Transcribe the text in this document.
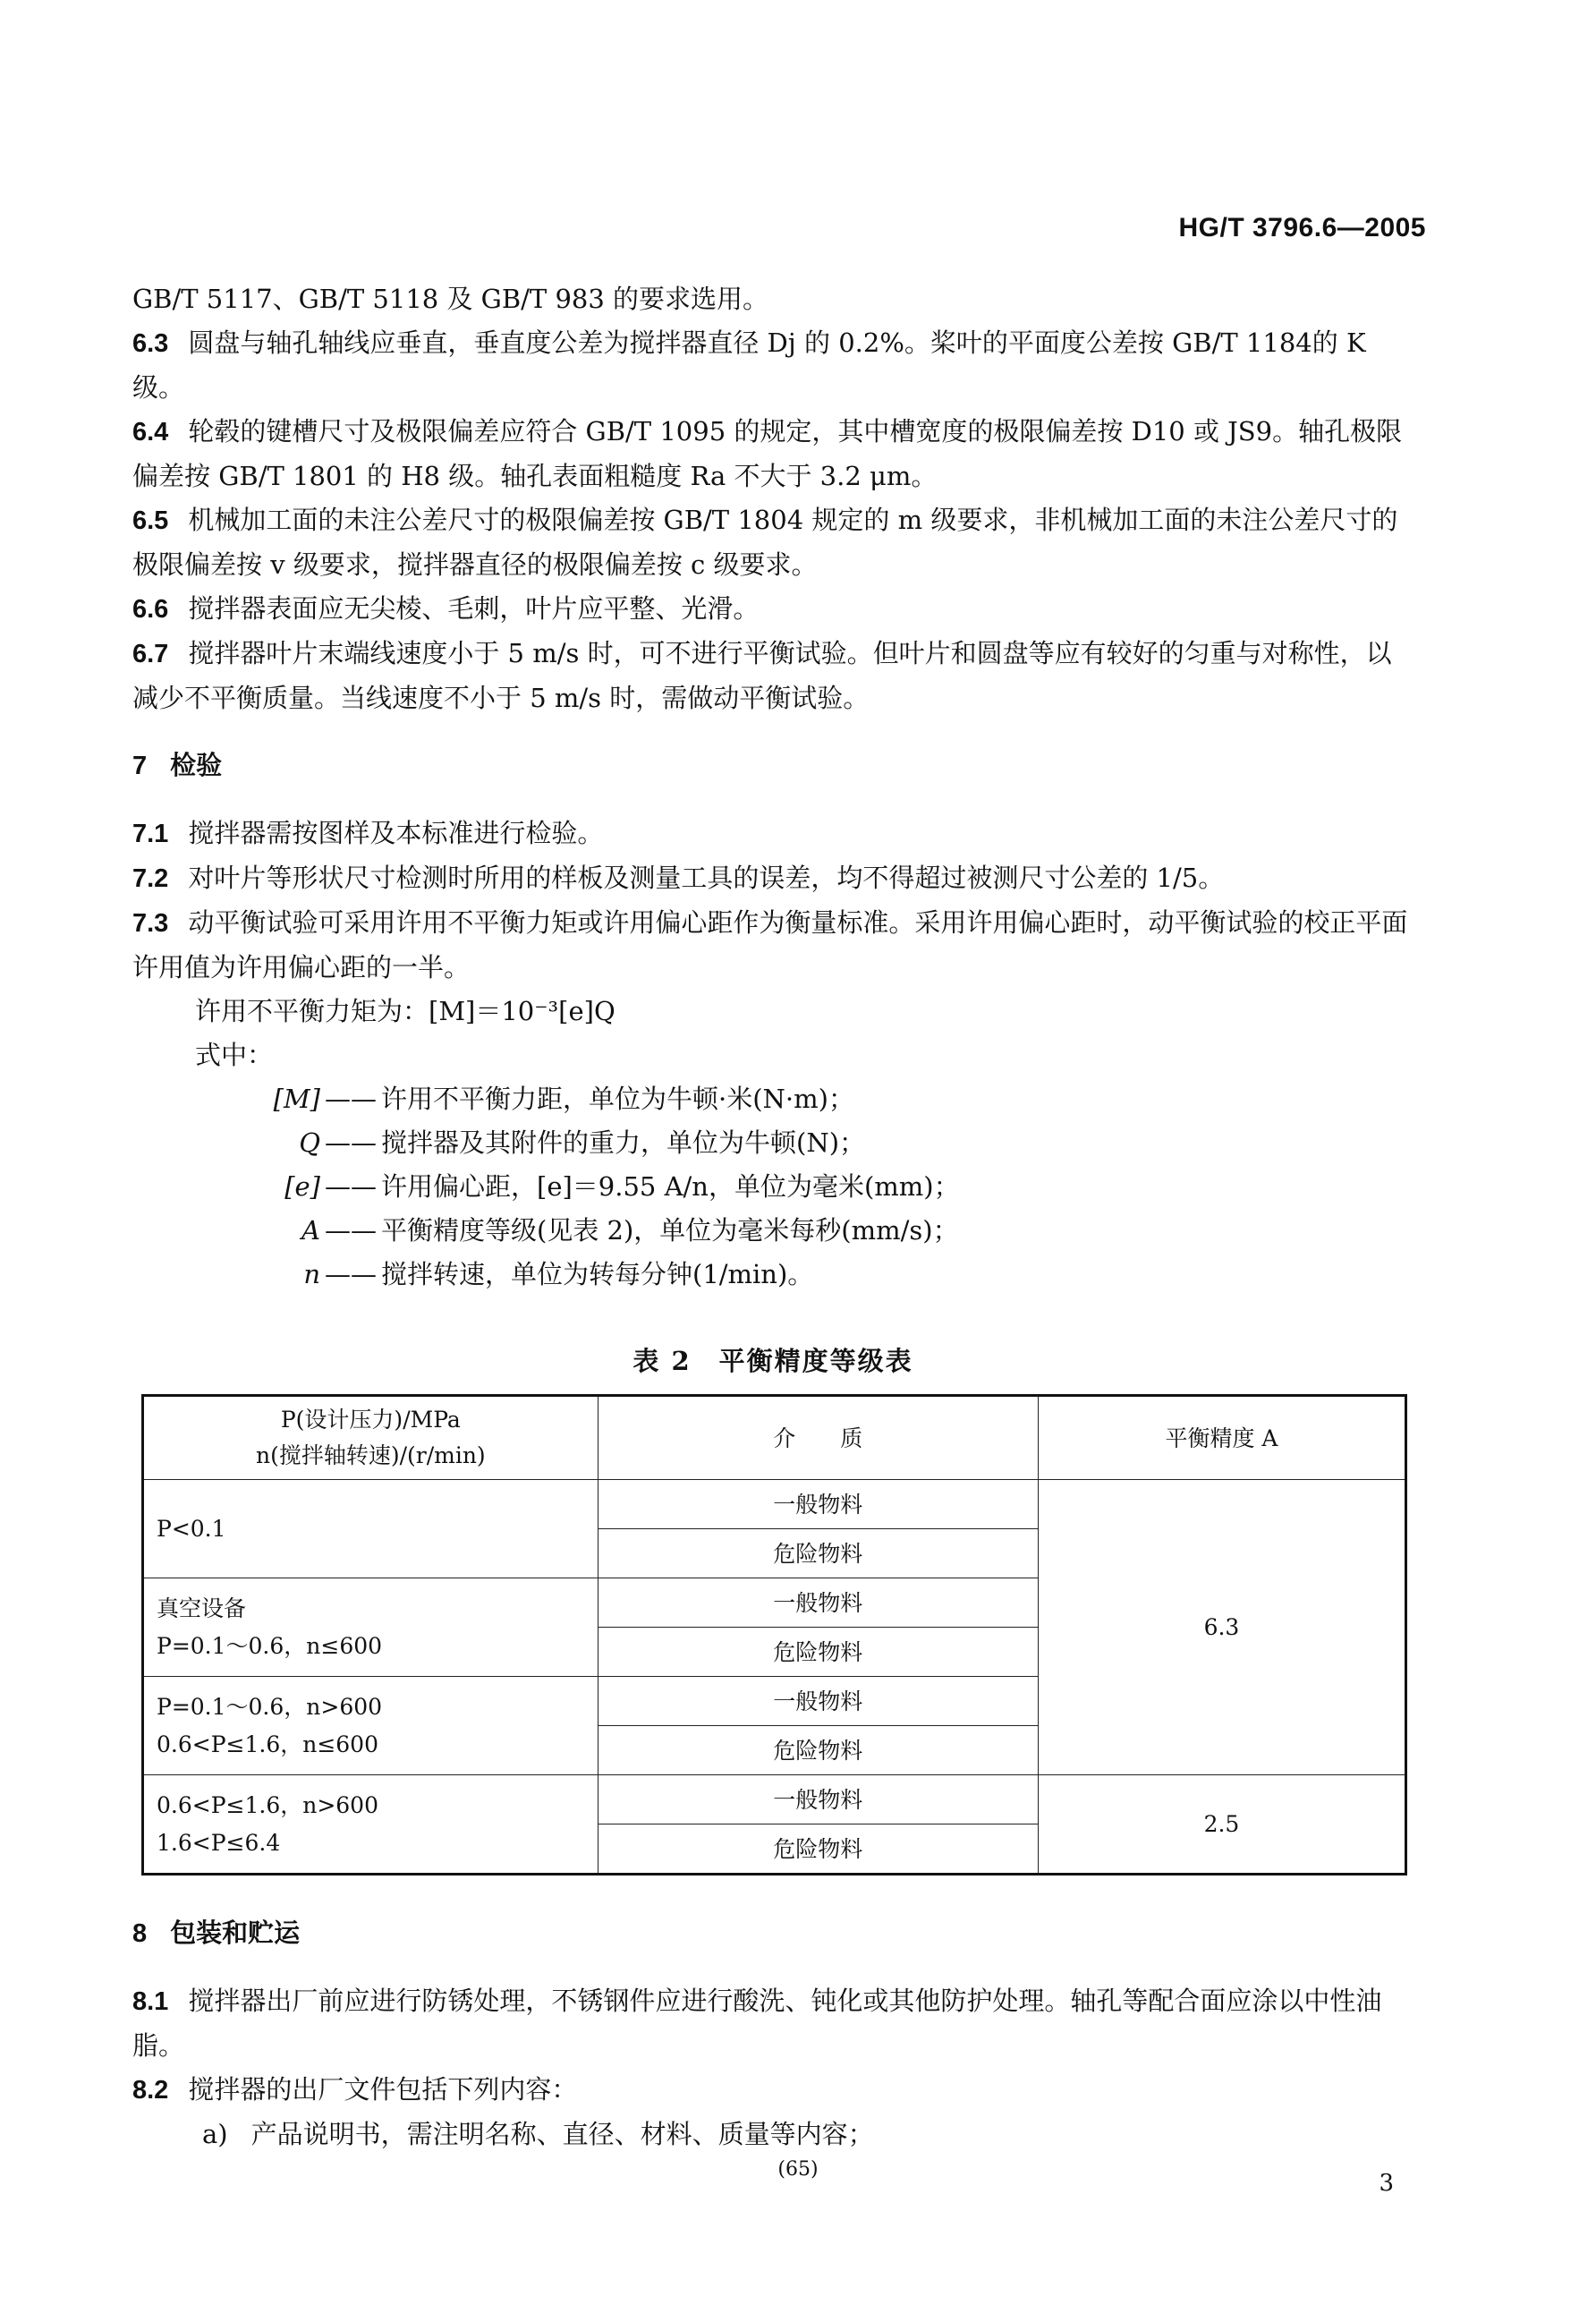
HG/T 3796.6—2005

GB/T 5117、GB/T 5118 及 GB/T 983 的要求选用。

6.3 圆盘与轴孔轴线应垂直，垂直度公差为搅拌器直径 Dj 的 0.2%。桨叶的平面度公差按 GB/T 1184的 K 级。

6.4 轮毂的键槽尺寸及极限偏差应符合 GB/T 1095 的规定，其中槽宽度的极限偏差按 D10 或 JS9。轴孔极限偏差按 GB/T 1801 的 H8 级。轴孔表面粗糙度 Ra 不大于 3.2 μm。

6.5 机械加工面的未注公差尺寸的极限偏差按 GB/T 1804 规定的 m 级要求，非机械加工面的未注公差尺寸的极限偏差按 v 级要求，搅拌器直径的极限偏差按 c 级要求。

6.6 搅拌器表面应无尖棱、毛刺，叶片应平整、光滑。

6.7 搅拌器叶片末端线速度小于 5 m/s 时，可不进行平衡试验。但叶片和圆盘等应有较好的匀重与对称性，以减少不平衡质量。当线速度不小于 5 m/s 时，需做动平衡试验。

7 检验

7.1 搅拌器需按图样及本标准进行检验。

7.2 对叶片等形状尺寸检测时所用的样板及测量工具的误差，均不得超过被测尺寸公差的 1/5。

7.3 动平衡试验可采用许用不平衡力矩或许用偏心距作为衡量标准。采用许用偏心距时，动平衡试验的校正平面许用值为许用偏心距的一半。

许用不平衡力矩为：[M]＝10⁻³[e]Q

式中：

[M] —— 许用不平衡力距，单位为牛顿·米(N·m)；
Q —— 搅拌器及其附件的重力，单位为牛顿(N)；
[e] —— 许用偏心距，[e]＝9.55 A/n，单位为毫米(mm)；
A —— 平衡精度等级(见表 2)，单位为毫米每秒(mm/s)；
n —— 搅拌转速，单位为转每分钟(1/min)。
表 2　平衡精度等级表
P(设计压力)/MPa
n(搅拌轴转速)/(r/min)	介　　质	平衡精度 A
P<0.1	一般物料	6.3
	危险物料	

真空设备
P=0.1～0.6，n≤600	一般物料	
	危险物料	

P=0.1～0.6，n>600
0.6<P≤1.6，n≤600	一般物料	
	危险物料	

0.6<P≤1.6，n>600
1.6<P≤6.4	一般物料	2.5
	危险物料	
8 包装和贮运

8.1 搅拌器出厂前应进行防锈处理，不锈钢件应进行酸洗、钝化或其他防护处理。轴孔等配合面应涂以中性油脂。

8.2 搅拌器的出厂文件包括下列内容：

a) 产品说明书，需注明名称、直径、材料、质量等内容；

(65)
3
